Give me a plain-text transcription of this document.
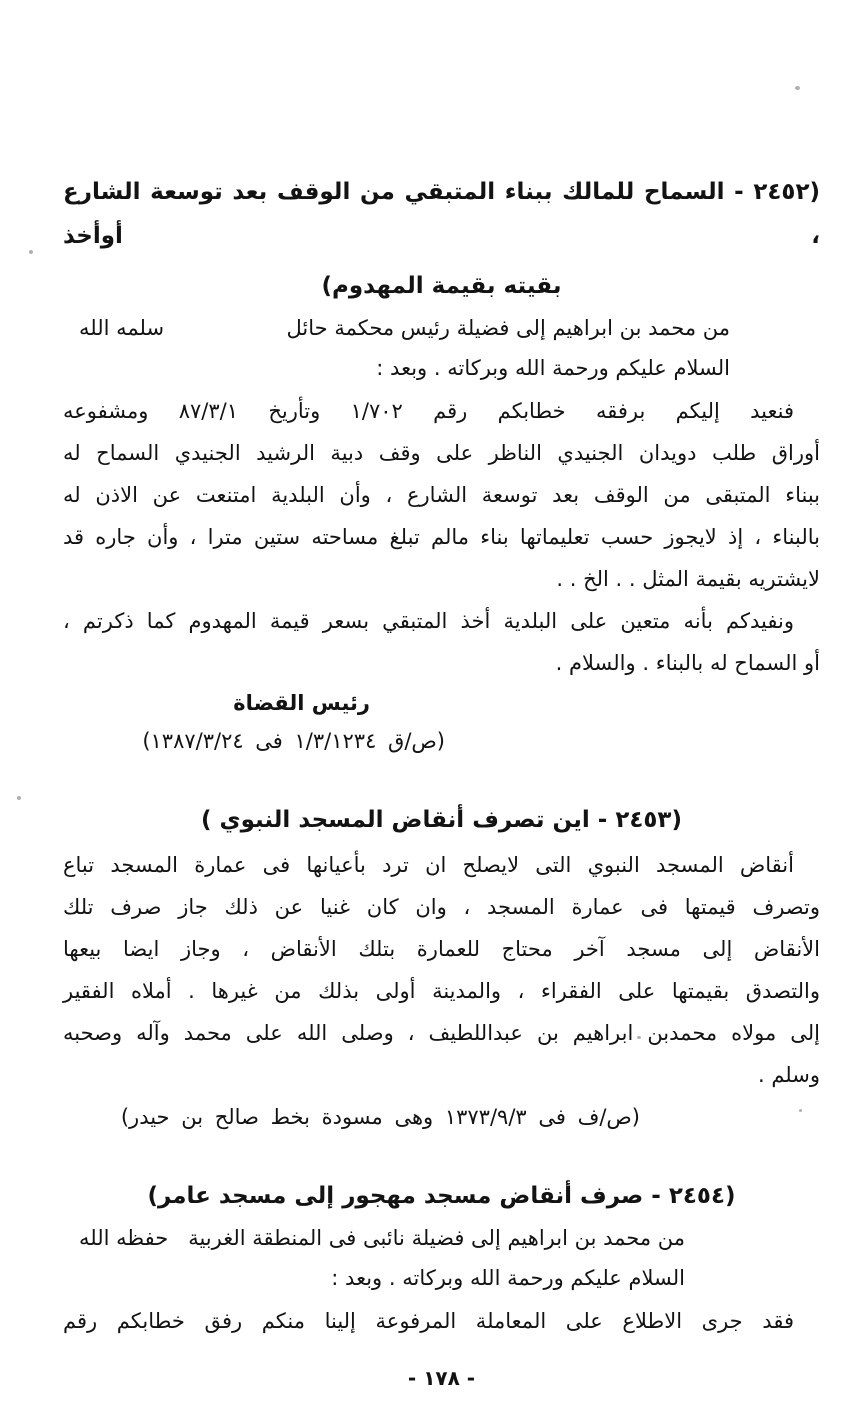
(٢٤٥٢ - السماح للمالك ببناء المتبقي من الوقف بعد توسعة الشارع ، أوأخذ
بقيته بقيمة المهدوم)
من محمد بن ابراهيم إلى فضيلة رئيس محكمة حائل
سلمه الله
السلام عليكم ورحمة الله وبركاته . وبعد :
فنعيد إليكم برفقه خطابكم رقم ١/٧٠٢ وتأريخ ٨٧/٣/١ ومشفوعه
أوراق طلب دويدان الجنيدي الناظر على وقف دبية الرشيد الجنيدي السماح له
ببناء المتبقى من الوقف بعد توسعة الشارع ، وأن البلدية امتنعت عن الاذن له
بالبناء ، إذ لايجوز حسب تعليماتها بناء مالم تبلغ مساحته ستين مترا ، وأن جاره قد
لايشتريه بقيمة المثل . . الخ . .
ونفيدكم بأنه متعين على البلدية أخذ المتبقي بسعر قيمة المهدوم كما ذكرتم ،
أو السماح له بالبناء . والسلام .
رئيس القضاة
(ص/ق ١/٣/١٢٣٤ فى ١٣٨٧/٣/٢٤)
(٢٤٥٣ - اين تصرف أنقاض المسجد النبوي )
أنقاض المسجد النبوي التى لايصلح ان ترد بأعيانها فى عمارة المسجد تباع
وتصرف قيمتها فى عمارة المسجد ، وان كان غنيا عن ذلك جاز صرف تلك
الأنقاض إلى مسجد آخر محتاج للعمارة بتلك الأنقاض ، وجاز ايضا بيعها
والتصدق بقيمتها على الفقراء ، والمدينة أولى بذلك من غيرها . أملاه الفقير
إلى مولاه محمدبن ابراهيم بن عبداللطيف ، وصلى الله على محمد وآله وصحبه
وسلم .
(ص/ف فى ١٣٧٣/٩/٣ وهى مسودة بخط صالح بن حيدر)
(٢٤٥٤ - صرف أنقاض مسجد مهجور إلى مسجد عامر)
من محمد بن ابراهيم إلى فضيلة نائبى فى المنطقة الغربية
حفظه الله
السلام عليكم ورحمة الله وبركاته . وبعد :
فقد جرى الاطلاع على المعاملة المرفوعة إلينا منكم رفق خطابكم رقم
- ١٧٨ -
